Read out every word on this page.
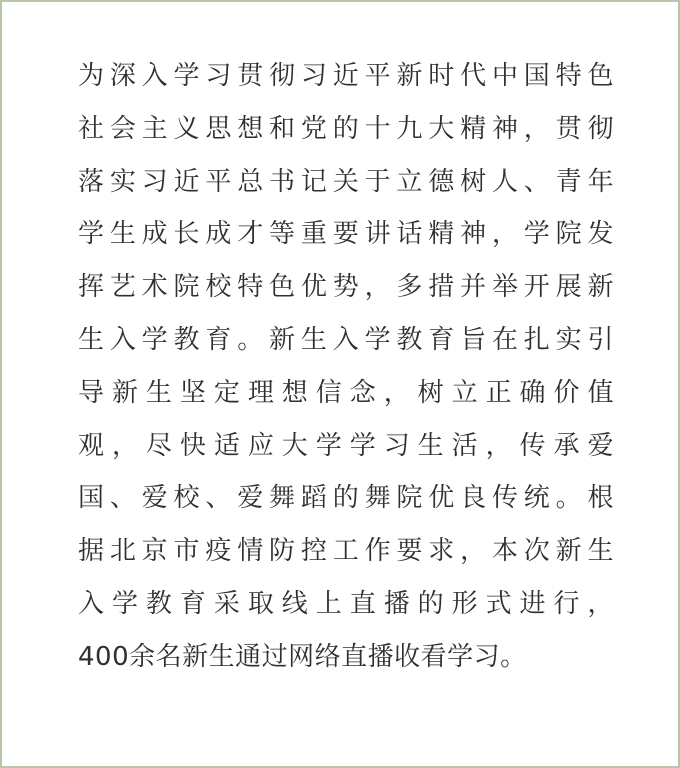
为深入学习贯彻习近平新时代中国特色
社会主义思想和党的十九大精神，贯彻
落实习近平总书记关于立德树人、青年
学生成长成才等重要讲话精神，学院发
挥艺术院校特色优势，多措并举开展新
生入学教育。新生入学教育旨在扎实引
导新生坚定理想信念，树立正确价值
观，尽快适应大学学习生活，传承爱
国、爱校、爱舞蹈的舞院优良传统。根
据北京市疫情防控工作要求，本次新生
入学教育采取线上直播的形式进行，
400余名新生通过网络直播收看学习。
